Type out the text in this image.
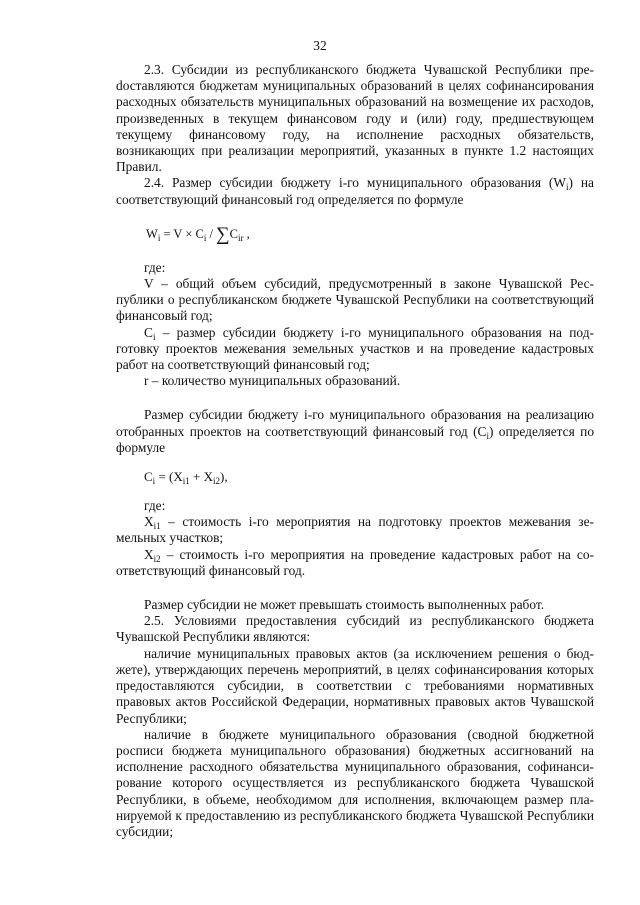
32

2.3. Субсидии из республиканского бюджета Чувашской Республики преdоставляются бюджетам муниципальных образований в целях софинансирования расходных обязательств муниципальных образований на возмещение их расходов, произведенных в текущем финансовом году и (или) году, предшествующем текущему финансовому году, на исполнение расходных обязательств, возникающих при реализации мероприятий, указанных в пункте 1.2 настоящих Правил.

2.4. Размер субсидии бюджету i-го муниципального образования $(W_i)$ на соответствующий финансовый год определяется по формуле

$W_i = V \times C_i / \sum C_{ir}$ ,

где:

V – общий объем субсидий, предусмотренный в законе Чувашской Республики о республиканском бюджете Чувашской Республики на соответствующий финансовый год;

$C_i$ – размер субсидии бюджету i-го муниципального образования на подготовку проектов межевания земельных участков и на проведение кадастровых работ на соответствующий финансовый год;

r – количество муниципальных образований.

Размер субсидии бюджету i-го муниципального образования на реализацию отобранных проектов на соответствующий финансовый год $(C_i)$ определяется по формуле

$C_i = (X_{i1} + X_{i2})$,

где:

$X_{i1}$ – стоимость i-го мероприятия на подготовку проектов межевания земельных участков;

$X_{i2}$ – стоимость i-го мероприятия на проведение кадастровых работ на соответствующий финансовый год.

Размер субсидии не может превышать стоимость выполненных работ.

2.5. Условиями предоставления субсидий из республиканского бюджета Чувашской Республики являются:

наличие муниципальных правовых актов (за исключением решения о бюджете), утверждающих перечень мероприятий, в целях софинансирования которых предоставляются субсидии, в соответствии с требованиями нормативных правовых актов Российской Федерации, нормативных правовых актов Чувашской Республики;

наличие в бюджете муниципального образования (сводной бюджетной росписи бюджета муниципального образования) бюджетных ассигнований на исполнение расходного обязательства муниципального образования, софинансирование которого осуществляется из республиканского бюджета Чувашской Республики, в объеме, необходимом для исполнения, включающем размер планируемой к предоставлению из республиканского бюджета Чувашской Республики субсидии;
